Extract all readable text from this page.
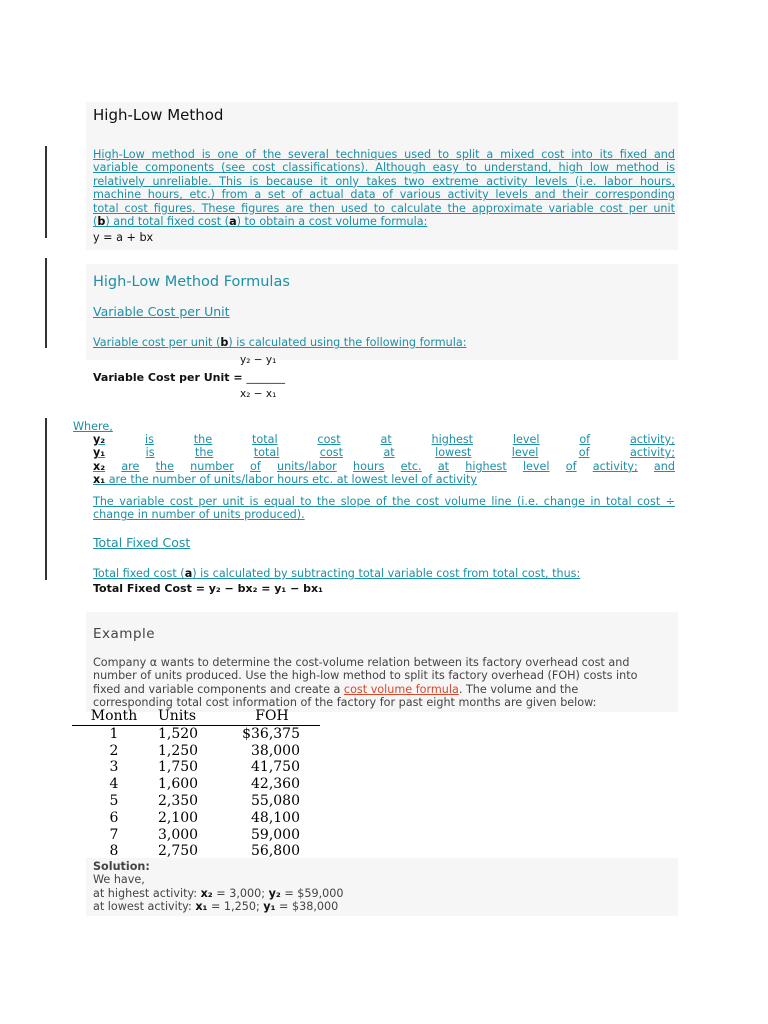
High-Low Method
High-Low method is one of the several techniques used to split a mixed cost into its fixed and
variable components (see cost classifications). Although easy to understand, high low method is
relatively unreliable. This is because it only takes two extreme activity levels (i.e. labor hours,
machine hours, etc.) from a set of actual data of various activity levels and their corresponding
total cost figures. These figures are then used to calculate the approximate variable cost per unit
(b) and total fixed cost (a) to obtain a cost volume formula:
y = a + bx
High-Low Method Formulas
Variable Cost per Unit
Variable cost per unit (b) is calculated using the following formula:
y₂ − y₁
Variable Cost per Unit = _______
x₂ − x₁
Where,
y₂	is	the	total	cost	at	highest	level	of	activity;
y₁	is	the	total	cost	at	lowest	level	of	activity;
x₂ are the number of units/labor hours etc. at highest level of activity; and
x₁ are the number of units/labor hours etc. at lowest level of activity
The variable cost per unit is equal to the slope of the cost volume line (i.e. change in total cost ÷
change in number of units produced).
Total Fixed Cost
Total fixed cost (a) is calculated by subtracting total variable cost from total cost, thus:
Total Fixed Cost = y₂ − bx₂ = y₁ − bx₁
Example
Company α wants to determine the cost-volume relation between its factory overhead cost and
number of units produced. Use the high-low method to split its factory overhead (FOH) costs into
fixed and variable components and create a cost volume formula. The volume and the
corresponding total cost information of the factory for past eight months are given below:
Month	Units	FOH
1	1,520	$36,375
2	1,250	38,000
3	1,750	41,750
4	1,600	42,360
5	2,350	55,080
6	2,100	48,100
7	3,000	59,000
8	2,750	56,800
Solution:
We have,
at highest activity: x₂ = 3,000; y₂ = $59,000
at lowest activity: x₁ = 1,250; y₁ = $38,000
